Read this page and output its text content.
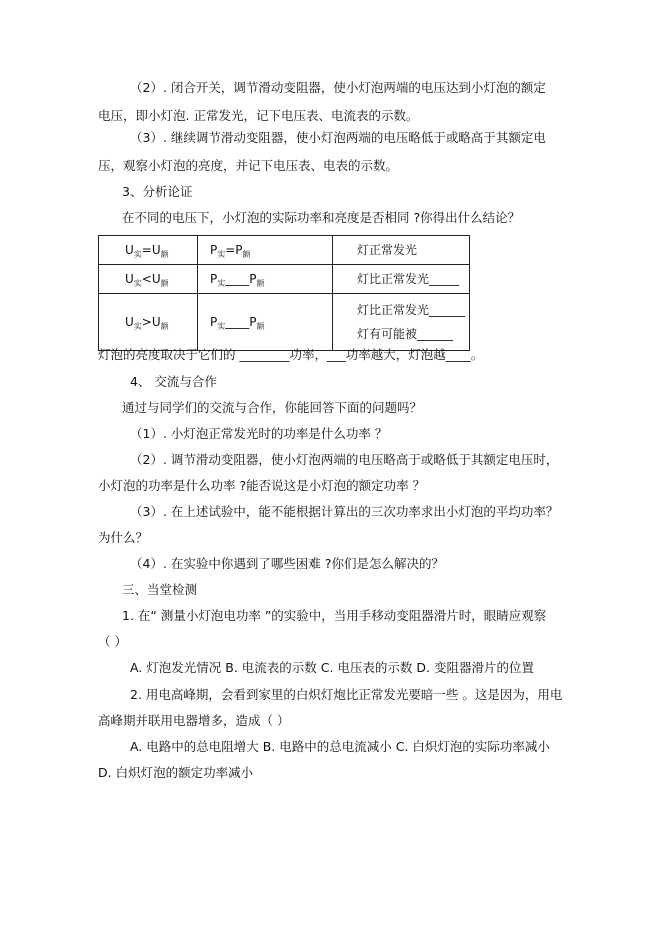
（2）. 闭合开关，调节滑动变阻器，使小灯泡两端的电压达到小灯泡的额定
电压，即小灯泡. 正常发光，记下电压表、电流表的示数。
（3）. 继续调节滑动变阻器，使小灯泡两端的电压略低于或略高于其额定电
压，观察小灯泡的亮度，并记下电压表、电表的示数。
3、分析论证
在不同的电压下，小灯泡的实际功率和亮度是否相同 ?你得出什么结论？
$U_实=U_额$	$P_实=P_额$	灯正常发光

$U_实<U_额$	$P_实\_\_\_\_P_额$	灯比正常发光_____

$U_实>U_额$	$P_实\_\_\_\_P_额$	灯比正常发光______
灯有可能被______
灯泡的亮度取决于它们的 ________功率，___功率越大，灯泡越____。
4、 交流与合作
通过与同学们的交流与合作，你能回答下面的问题吗？
（1）. 小灯泡正常发光时的功率是什么功率 ？
（2）. 调节滑动变阻器，使小灯泡两端的电压略高于或略低于其额定电压时，
小灯泡的功率是什么功率 ?能否说这是小灯泡的额定功率 ？
（3）. 在上述试验中，能不能根据计算出的三次功率求出小灯泡的平均功率？
为什么？
（4）. 在实验中你遇到了哪些困难 ?你们是怎么解决的？
三、当堂检测
1. 在“ 测量小灯泡电功率 ”的实验中，当用手移动变阻器滑片时，眼睛应观察
（ ）
A. 灯泡发光情况 B. 电流表的示数 C. 电压表的示数 D. 变阻器滑片的位置
2. 用电高峰期，会看到家里的白炽灯炮比正常发光要暗一些 。这是因为，用电
高峰期并联用电器增多，造成（ ）
A. 电路中的总电阻增大 B. 电路中的总电流减小 C. 白炽灯泡的实际功率减小
D. 白炽灯泡的额定功率减小
